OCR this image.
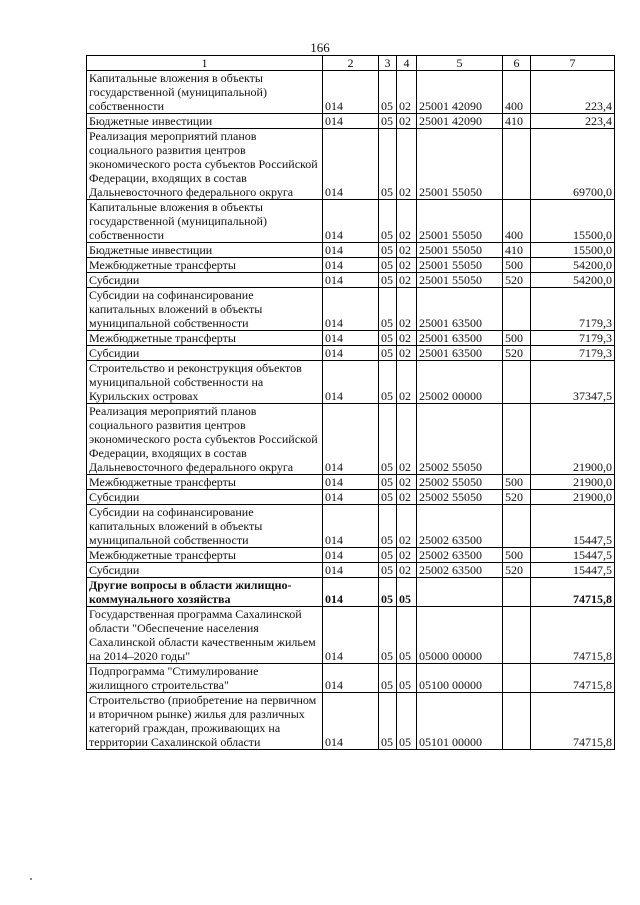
166
1	2	3	4	5	6	7
Капитальные вложения в объекты государственной (муниципальной) собственности	014	05	02	25001 42090	400	223,4
Бюджетные инвестиции	014	05	02	25001 42090	410	223,4
Реализация мероприятий планов социального развития центров экономического роста субъектов Российской Федерации, входящих в состав Дальневосточного федерального округа	014	05	02	25001 55050		69700,0
Капитальные вложения в объекты государственной (муниципальной) собственности	014	05	02	25001 55050	400	15500,0
Бюджетные инвестиции	014	05	02	25001 55050	410	15500,0
Межбюджетные трансферты	014	05	02	25001 55050	500	54200,0
Субсидии	014	05	02	25001 55050	520	54200,0
Субсидии на софинансирование капитальных вложений в объекты муниципальной собственности	014	05	02	25001 63500		7179,3
Межбюджетные трансферты	014	05	02	25001 63500	500	7179,3
Субсидии	014	05	02	25001 63500	520	7179,3
Строительство и реконструкция объектов муниципальной собственности на Курильских островах	014	05	02	25002 00000		37347,5
Реализация мероприятий планов социального развития центров экономического роста субъектов Российской Федерации, входящих в состав Дальневосточного федерального округа	014	05	02	25002 55050		21900,0
Межбюджетные трансферты	014	05	02	25002 55050	500	21900,0
Субсидии	014	05	02	25002 55050	520	21900,0
Субсидии на софинансирование капитальных вложений в объекты муниципальной собственности	014	05	02	25002 63500		15447,5
Межбюджетные трансферты	014	05	02	25002 63500	500	15447,5
Субсидии	014	05	02	25002 63500	520	15447,5
Другие вопросы в области жилищно-коммунального хозяйства	014	05	05			74715,8
Государственная программа Сахалинской области "Обеспечение населения Сахалинской области качественным жильем на 2014–2020 годы"	014	05	05	05000 00000		74715,8
Подпрограмма "Стимулирование жилищного строительства"	014	05	05	05100 00000		74715,8
Строительство (приобретение на первичном и вторичном рынке) жилья для различных категорий граждан, проживающих на территории Сахалинской области	014	05	05	05101 00000		74715,8
